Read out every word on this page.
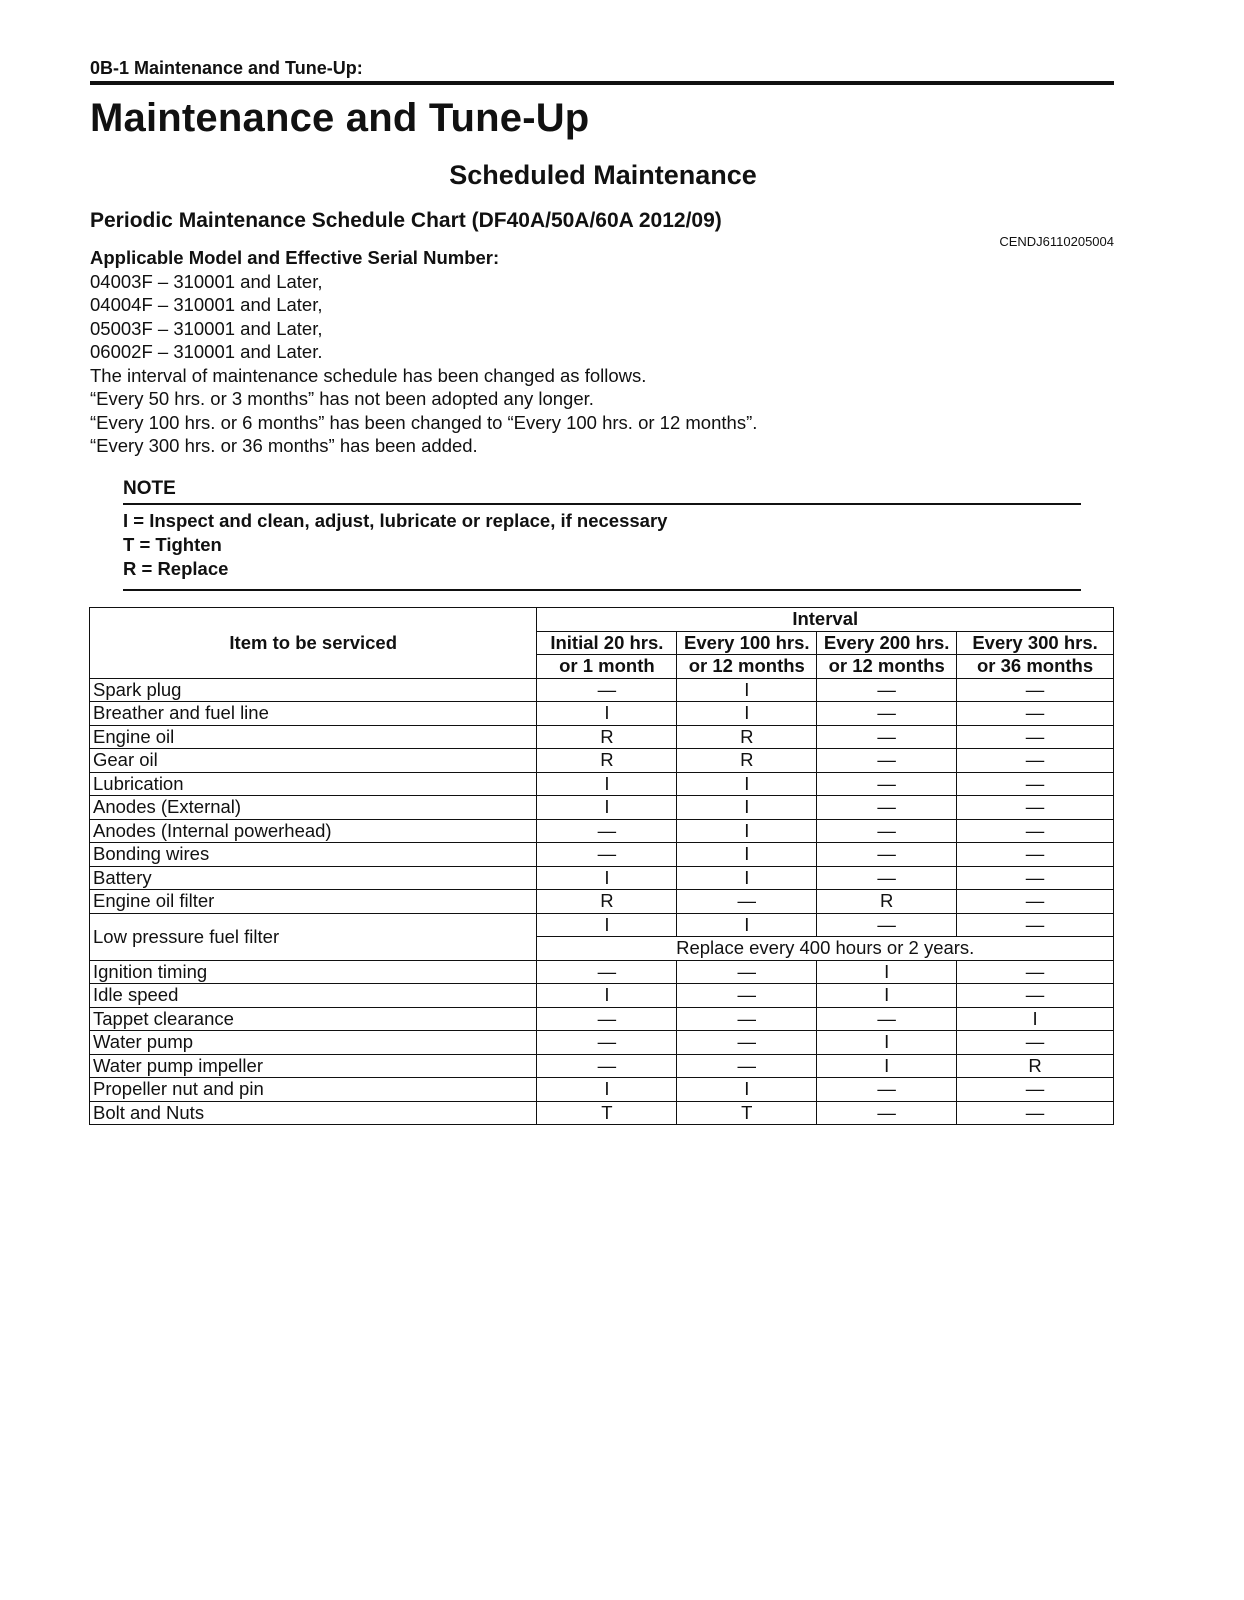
0B-1 Maintenance and Tune-Up:
Maintenance and Tune-Up
Scheduled Maintenance
Periodic Maintenance Schedule Chart (DF40A/50A/60A 2012/09)
CENDJ6110205004
Applicable Model and Effective Serial Number:
04003F – 310001 and Later,
04004F – 310001 and Later,
05003F – 310001 and Later,
06002F – 310001 and Later.
The interval of maintenance schedule has been changed as follows.
“Every 50 hrs. or 3 months” has not been adopted any longer.
“Every 100 hrs. or 6 months” has been changed to “Every 100 hrs. or 12 months”.
“Every 300 hrs. or 36 months” has been added.
NOTE
I = Inspect and clean, adjust, lubricate or replace, if necessary
T = Tighten
R = Replace
Item to be serviced	Interval			
	Initial 20 hrs.	Every 100 hrs.	Every 200 hrs.	Every 300 hrs.
	or 1 month	or 12 months	or 12 months	or 36 months
Spark plug	—	I	—	—
Breather and fuel line	I	I	—	—
Engine oil	R	R	—	—
Gear oil	R	R	—	—
Lubrication	I	I	—	—
Anodes (External)	I	I	—	—
Anodes (Internal powerhead)	—	I	—	—
Bonding wires	—	I	—	—
Battery	I	I	—	—
Engine oil filter	R	—	R	—
Low pressure fuel filter	I	I	—	—
	Replace every 400 hours or 2 years.			
Ignition timing	—	—	I	—
Idle speed	I	—	I	—
Tappet clearance	—	—	—	I
Water pump	—	—	I	—
Water pump impeller	—	—	I	R
Propeller nut and pin	I	I	—	—
Bolt and Nuts	T	T	—	—
